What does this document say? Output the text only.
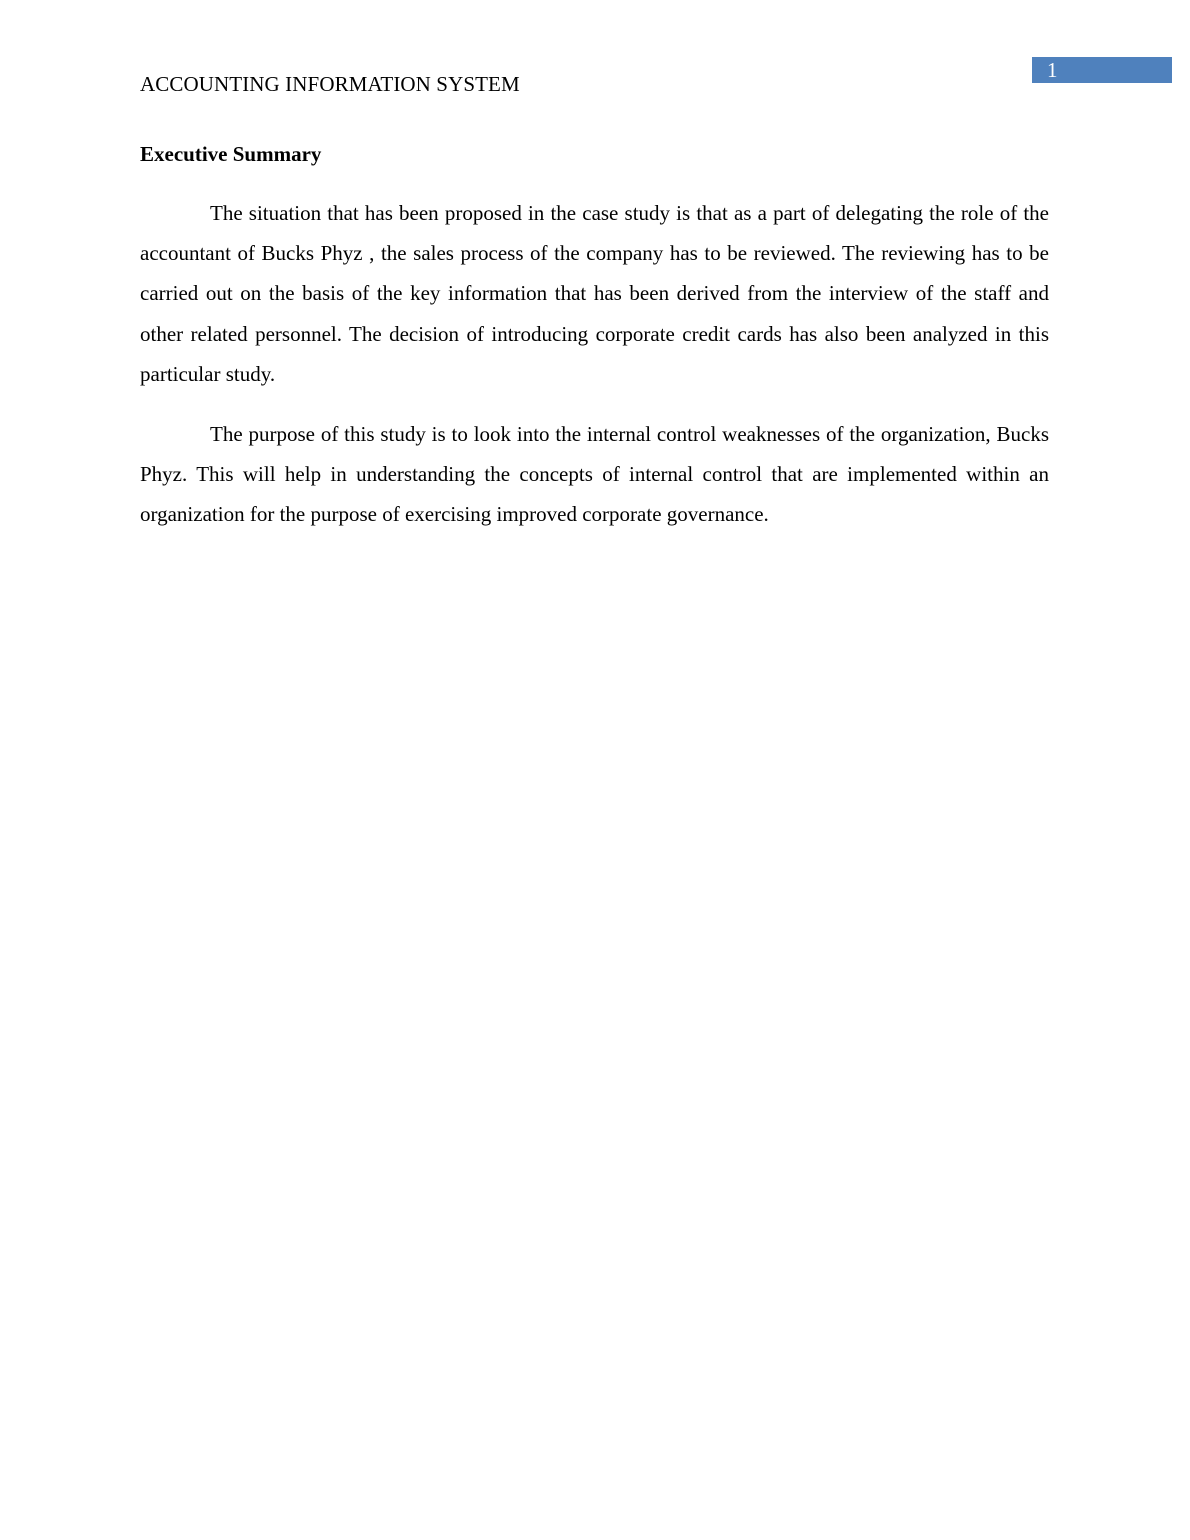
ACCOUNTING INFORMATION SYSTEM
1
Executive Summary

The situation that has been proposed in the case study is that as a part of delegating the role of the accountant of Bucks Phyz , the sales process of the company has to be reviewed. The reviewing has to be carried out on the basis of the key information that has been derived from the interview of the staff and other related personnel. The decision of introducing corporate credit cards has also been analyzed in this particular study.

The purpose of this study is to look into the internal control weaknesses of the organization, Bucks Phyz. This will help in understanding the concepts of internal control that are implemented within an organization for the purpose of exercising improved corporate governance.
